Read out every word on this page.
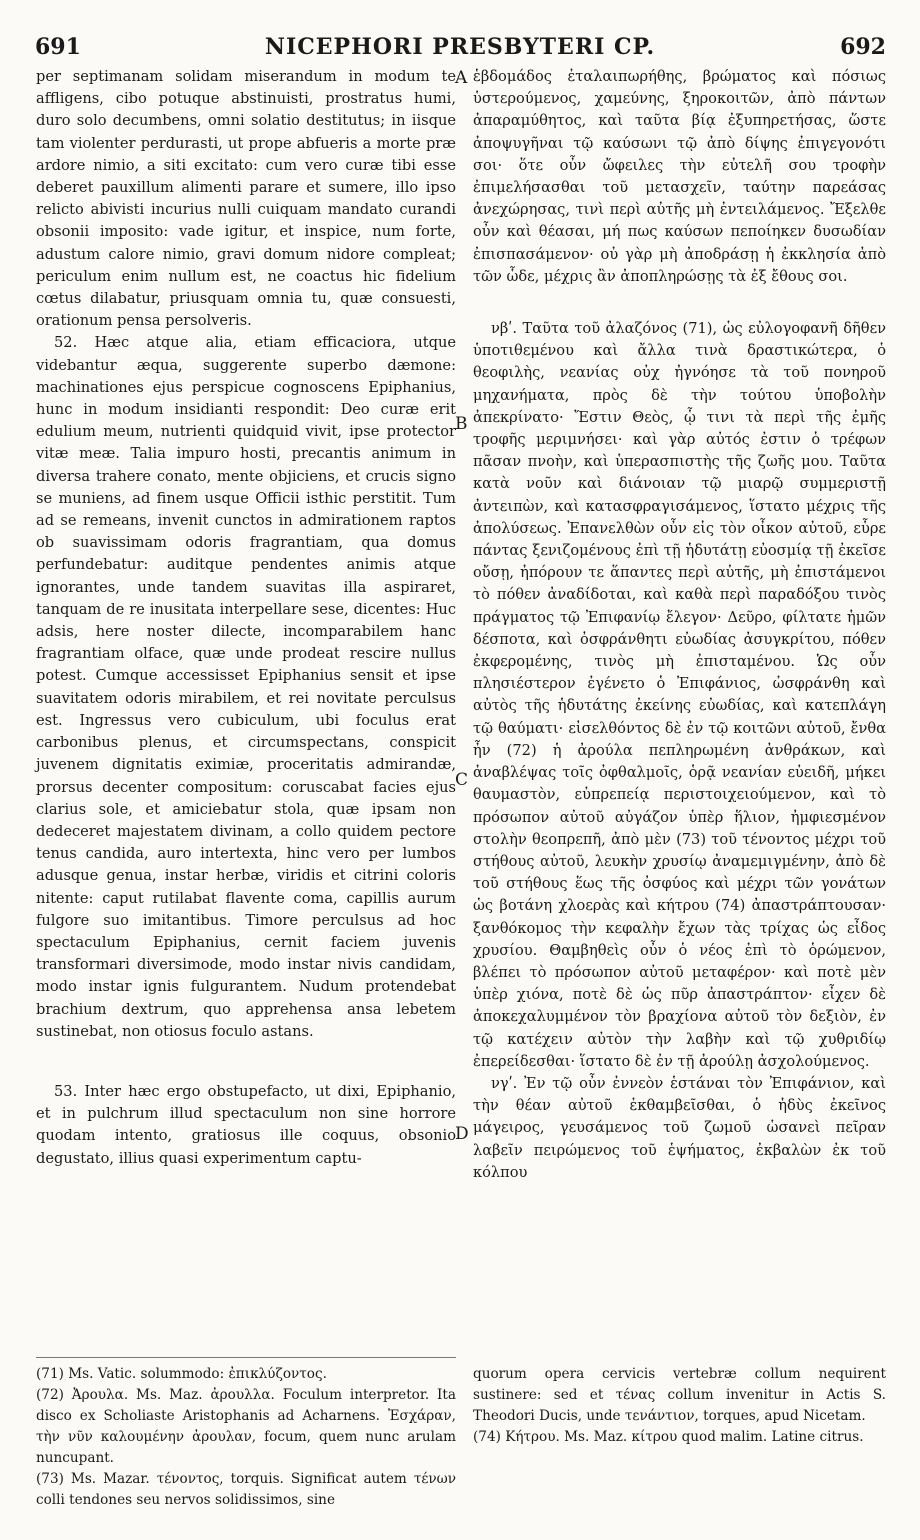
691	NICEPHORI PRESBYTERI CP.	692

per septimanam solidam miserandum in modum te affligens, cibo potuque abstinuisti, prostratus humi, duro solo decumbens, omni solatio destitutus; in iisque tam violenter perdurasti, ut prope abfueris a morte præ ardore nimio, a siti excitato: cum vero curæ tibi esse deberet pauxillum alimenti parare et sumere, illo ipso relicto abivisti incurius nulli cuiquam mandato curandi obsonii imposito: vade igitur, et inspice, num forte, adustum calore nimio, gravi domum nidore compleat; periculum enim nullum est, ne coactus hic fidelium cœtus dilabatur, priusquam omnia tu, quæ consuesti, orationum pensa persolveris.

52. Hæc atque alia, etiam efficaciora, utque videbantur æqua, suggerente superbo dæmone: machinationes ejus perspicue cognoscens Epiphanius, hunc in modum insidianti respondit: Deo curæ erit edulium meum, nutrienti quidquid vivit, ipse protector vitæ meæ. Talia impuro hosti, precantis animum in diversa trahere conato, mente objiciens, et crucis signo se muniens, ad finem usque Officii isthic perstitit. Tum ad se remeans, invenit cunctos in admirationem raptos ob suavissimam odoris fragrantiam, qua domus perfundebatur: auditque pendentes animis atque ignorantes, unde tandem suavitas illa aspiraret, tanquam de re inusitata interpellare sese, dicentes: Huc adsis, here noster dilecte, incomparabilem hanc fragrantiam olface, quæ unde prodeat rescire nullus potest. Cumque accessisset Epiphanius sensit et ipse suavitatem odoris mirabilem, et rei novitate perculsus est. Ingressus vero cubiculum, ubi foculus erat carbonibus plenus, et circumspectans, conspicit juvenem dignitatis eximiæ, proceritatis admirandæ, prorsus decenter compositum: coruscabat facies ejus clarius sole, et amiciebatur stola, quæ ipsam non dedeceret majestatem divinam, a collo quidem pectore tenus candida, auro intertexta, hinc vero per lumbos adusque genua, instar herbæ, viridis et citrini coloris nitente: caput rutilabat flavente coma, capillis aurum fulgore suo imitantibus. Timore perculsus ad hoc spectaculum Epiphanius, cernit faciem juvenis transformari diversimode, modo instar nivis candidam, modo instar ignis fulgurantem. Nudum protendebat brachium dextrum, quo apprehensa ansa lebetem sustinebat, non otiosus foculo astans.

53. Inter hæc ergo obstupefacto, ut dixi, Epiphanio, et in pulchrum illud spectaculum non sine horrore quodam intento, gratiosus ille coquus, obsonio degustato, illius quasi experimentum captu-

A
B
C
D

ἑβδομάδος ἐταλαιπωρήθης, βρώματος καὶ πόσιως ὑστερούμενος, χαμεύνης, ξηροκοιτῶν, ἀπὸ πάντων ἀπαραμύθητος, καὶ ταῦτα βίᾳ ἐξυπηρετήσας, ὥστε ἀποψυγῆναι τῷ καύσωνι τῷ ἀπὸ δίψης ἐπιγεγονότι σοι· ὅτε οὖν ὤφειλες τὴν εὐτελῆ σου τροφὴν ἐπιμελήσασθαι τοῦ μετασχεῖν, ταύτην παρεάσας ἀνεχώρησας, τινὶ περὶ αὐτῆς μὴ ἐντειλάμενος. Ἔξελθε οὖν καὶ θέασαι, μή πως καύσων πεποίηκεν δυσωδίαν ἐπισπασάμενον· οὐ γὰρ μὴ ἀποδράσῃ ἡ ἐκκλησία ἀπὸ τῶν ὧδε, μέχρις ἂν ἀποπληρώσῃς τὰ ἐξ ἔθους σοι.

νβʹ. Ταῦτα τοῦ ἀλαζόνος (71), ὡς εὐλογοφανῆ δῆθεν ὑποτιθεμένου καὶ ἄλλα τινὰ δραστικώτερα, ὁ θεοφιλὴς, νεανίας οὐχ ἠγνόησε τὰ τοῦ πονηροῦ μηχανήματα, πρὸς δὲ τὴν τούτου ὑποβολὴν ἀπεκρίνατο· Ἔστιν Θεὸς, ᾧ τινι τὰ περὶ τῆς ἐμῆς τροφῆς μεριμνήσει· καὶ γὰρ αὐτός ἐστιν ὁ τρέφων πᾶσαν πνοὴν, καὶ ὑπερασπιστὴς τῆς ζωῆς μου. Ταῦτα κατὰ νοῦν καὶ διάνοιαν τῷ μιαρῷ συμμεριστῇ ἀντειπὼν, καὶ κατασφραγισάμενος, ἵστατο μέχρις τῆς ἀπολύσεως. Ἐπανελθὼν οὖν εἰς τὸν οἶκον αὐτοῦ, εὗρε πάντας ξενιζομένους ἐπὶ τῇ ἡδυτάτῃ εὐοσμίᾳ τῇ ἐκεῖσε οὔσῃ, ἠπόρουν τε ἅπαντες περὶ αὐτῆς, μὴ ἐπιστάμενοι τὸ πόθεν ἀναδίδοται, καὶ καθὰ περὶ παραδόξου τινὸς πράγματος τῷ Ἐπιφανίῳ ἔλεγον· Δεῦρο, φίλτατε ἡμῶν δέσποτα, καὶ ὀσφράνθητι εὐωδίας ἀσυγκρίτου, πόθεν ἐκφερομένης, τινὸς μὴ ἐπισταμένου. Ὡς οὖν πλησιέστερον ἐγένετο ὁ Ἐπιφάνιος, ὠσφράνθη καὶ αὐτὸς τῆς ἡδυτάτης ἐκείνης εὐωδίας, καὶ κατεπλάγη τῷ θαύματι· εἰσελθόντος δὲ ἐν τῷ κοιτῶνι αὐτοῦ, ἔνθα ἦν (72) ἡ ἀρούλα πεπληρωμένη ἀνθράκων, καὶ ἀναβλέψας τοῖς ὀφθαλμοῖς, ὁρᾷ νεανίαν εὐειδῆ, μήκει θαυμαστὸν, εὐπρεπείᾳ περιστοιχειούμενον, καὶ τὸ πρόσωπον αὐτοῦ αὐγάζον ὑπὲρ ἥλιον, ἠμφιεσμένον στολὴν θεοπρεπῆ, ἀπὸ μὲν (73) τοῦ τένοντος μέχρι τοῦ στήθους αὐτοῦ, λευκὴν χρυσίῳ ἀναμεμιγμένην, ἀπὸ δὲ τοῦ στήθους ἕως τῆς ὀσφύος καὶ μέχρι τῶν γονάτων ὡς βοτάνη χλοερὰς καὶ κήτρου (74) ἀπαστράπτουσαν· ξανθόκομος τὴν κεφαλὴν ἔχων τὰς τρίχας ὡς εἶδος χρυσίου. Θαμβηθεὶς οὖν ὁ νέος ἐπὶ τὸ ὁρώμενον, βλέπει τὸ πρόσωπον αὐτοῦ μεταφέρον· καὶ ποτὲ μὲν ὑπὲρ χιόνα, ποτὲ δὲ ὡς πῦρ ἀπαστράπτον· εἶχεν δὲ ἀποκεχαλυμμένον τὸν βραχίονα αὐτοῦ τὸν δεξιὸν, ἐν τῷ κατέχειν αὐτὸν τὴν λαβὴν καὶ τῷ χυθριδίῳ ἐπερείδεσθαι· ἵστατο δὲ ἐν τῇ ἀρούλῃ ἀσχολούμενος.

νγʹ. Ἐν τῷ οὖν ἐννεὸν ἑστάναι τὸν Ἐπιφάνιον, καὶ τὴν θέαν αὐτοῦ ἐκθαμβεῖσθαι, ὁ ἡδὺς ἐκεῖνος μάγειρος, γευσάμενος τοῦ ζωμοῦ ὡσανεὶ πεῖραν λαβεῖν πειρώμενος τοῦ ἑψήματος, ἐκβαλὼν ἐκ τοῦ κόλπου

(71) Ms. Vatic. solummodo: ἐπικλύζοντος.

(72) Ἀρουλα. Ms. Maz. ἀρουλλα. Foculum interpretor. Ita disco ex Scholiaste Aristophanis ad Acharnens. Ἐσχάραν, τὴν νῦν καλουμένην ἀρουλαν, focum, quem nunc arulam nuncupant.

(73) Ms. Mazar. τένοντος, torquis. Significat autem τένων colli tendones seu nervos solidissimos, sine

quorum opera cervicis vertebræ collum nequirent sustinere: sed et τένας collum invenitur in Actis S. Theodori Ducis, unde τενάντιον, torques, apud Nicetam.

(74) Κήτρου. Ms. Maz. κίτρου quod malim. Latine citrus.
